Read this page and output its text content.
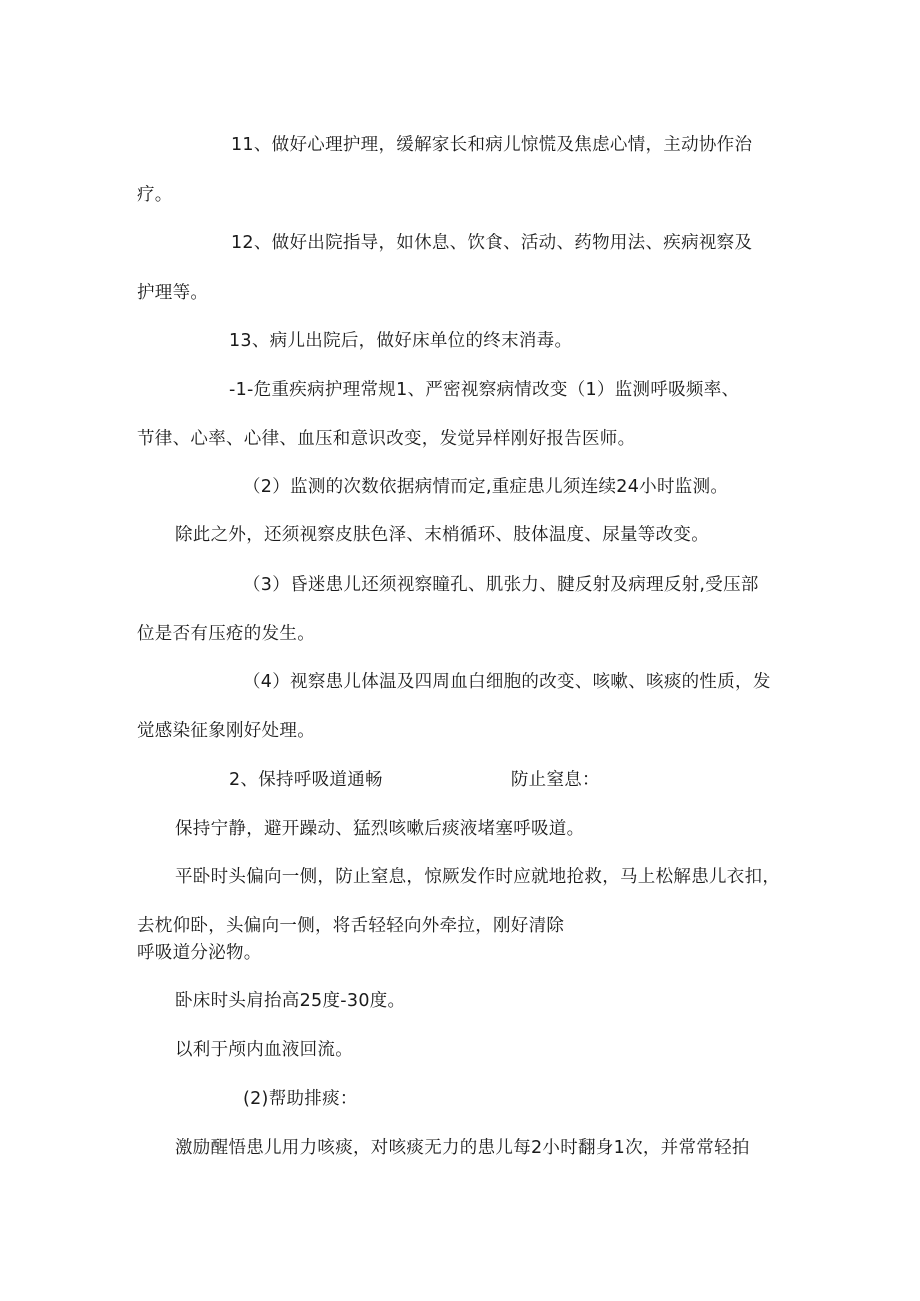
11、做好心理护理，缓解家长和病儿惊慌及焦虑心情，主动协作治
疗。
12、做好出院指导，如休息、饮食、活动、药物用法、疾病视察及
护理等。
13、病儿出院后，做好床单位的终末消毒。
-1-危重疾病护理常规1、严密视察病情改变（1）监测呼吸频率、
节律、心率、心律、血压和意识改变，发觉异样刚好报告医师。
（2）监测的次数依据病情而定,重症患儿须连续24小时监测。
除此之外，还须视察皮肤色泽、末梢循环、肢体温度、尿量等改变。
（3）昏迷患儿还须视察瞳孔、肌张力、腱反射及病理反射,受压部
位是否有压疮的发生。
（4）视察患儿体温及四周血白细胞的改变、咳嗽、咳痰的性质，发
觉感染征象刚好处理。
2、保持呼吸道通畅	防止窒息：
保持宁静，避开躁动、猛烈咳嗽后痰液堵塞呼吸道。
平卧时头偏向一侧，防止窒息，惊厥发作时应就地抢救，马上松解患儿衣扣，
去枕仰卧，头偏向一侧，将舌轻轻向外牵拉，刚好清除
呼吸道分泌物。
卧床时头肩抬高25度-30度。
以利于颅内血液回流。
(2)帮助排痰：
激励醒悟患儿用力咳痰，对咳痰无力的患儿每2小时翻身1次，并常常轻拍
